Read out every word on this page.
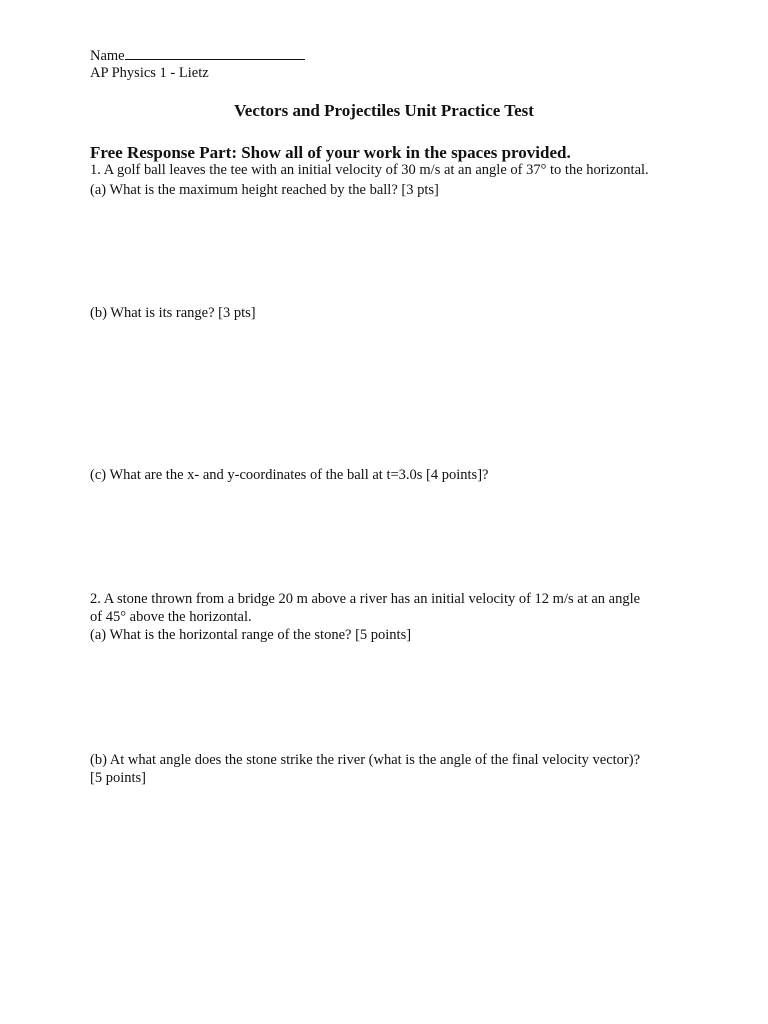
Name
AP Physics 1 - Lietz
Vectors and Projectiles Unit Practice Test
Free Response Part: Show all of your work in the spaces provided.
1. A golf ball leaves the tee with an initial velocity of 30 m/s at an angle of 37° to the horizontal.
(a) What is the maximum height reached by the ball? [3 pts]
(b) What is its range? [3 pts]
(c) What are the x- and y-coordinates of the ball at t=3.0s [4 points]?
2. A stone thrown from a bridge 20 m above a river has an initial velocity of 12 m/s at an angle
of 45° above the horizontal.
(a) What is the horizontal range of the stone? [5 points]
(b) At what angle does the stone strike the river (what is the angle of the final velocity vector)?
[5 points]
